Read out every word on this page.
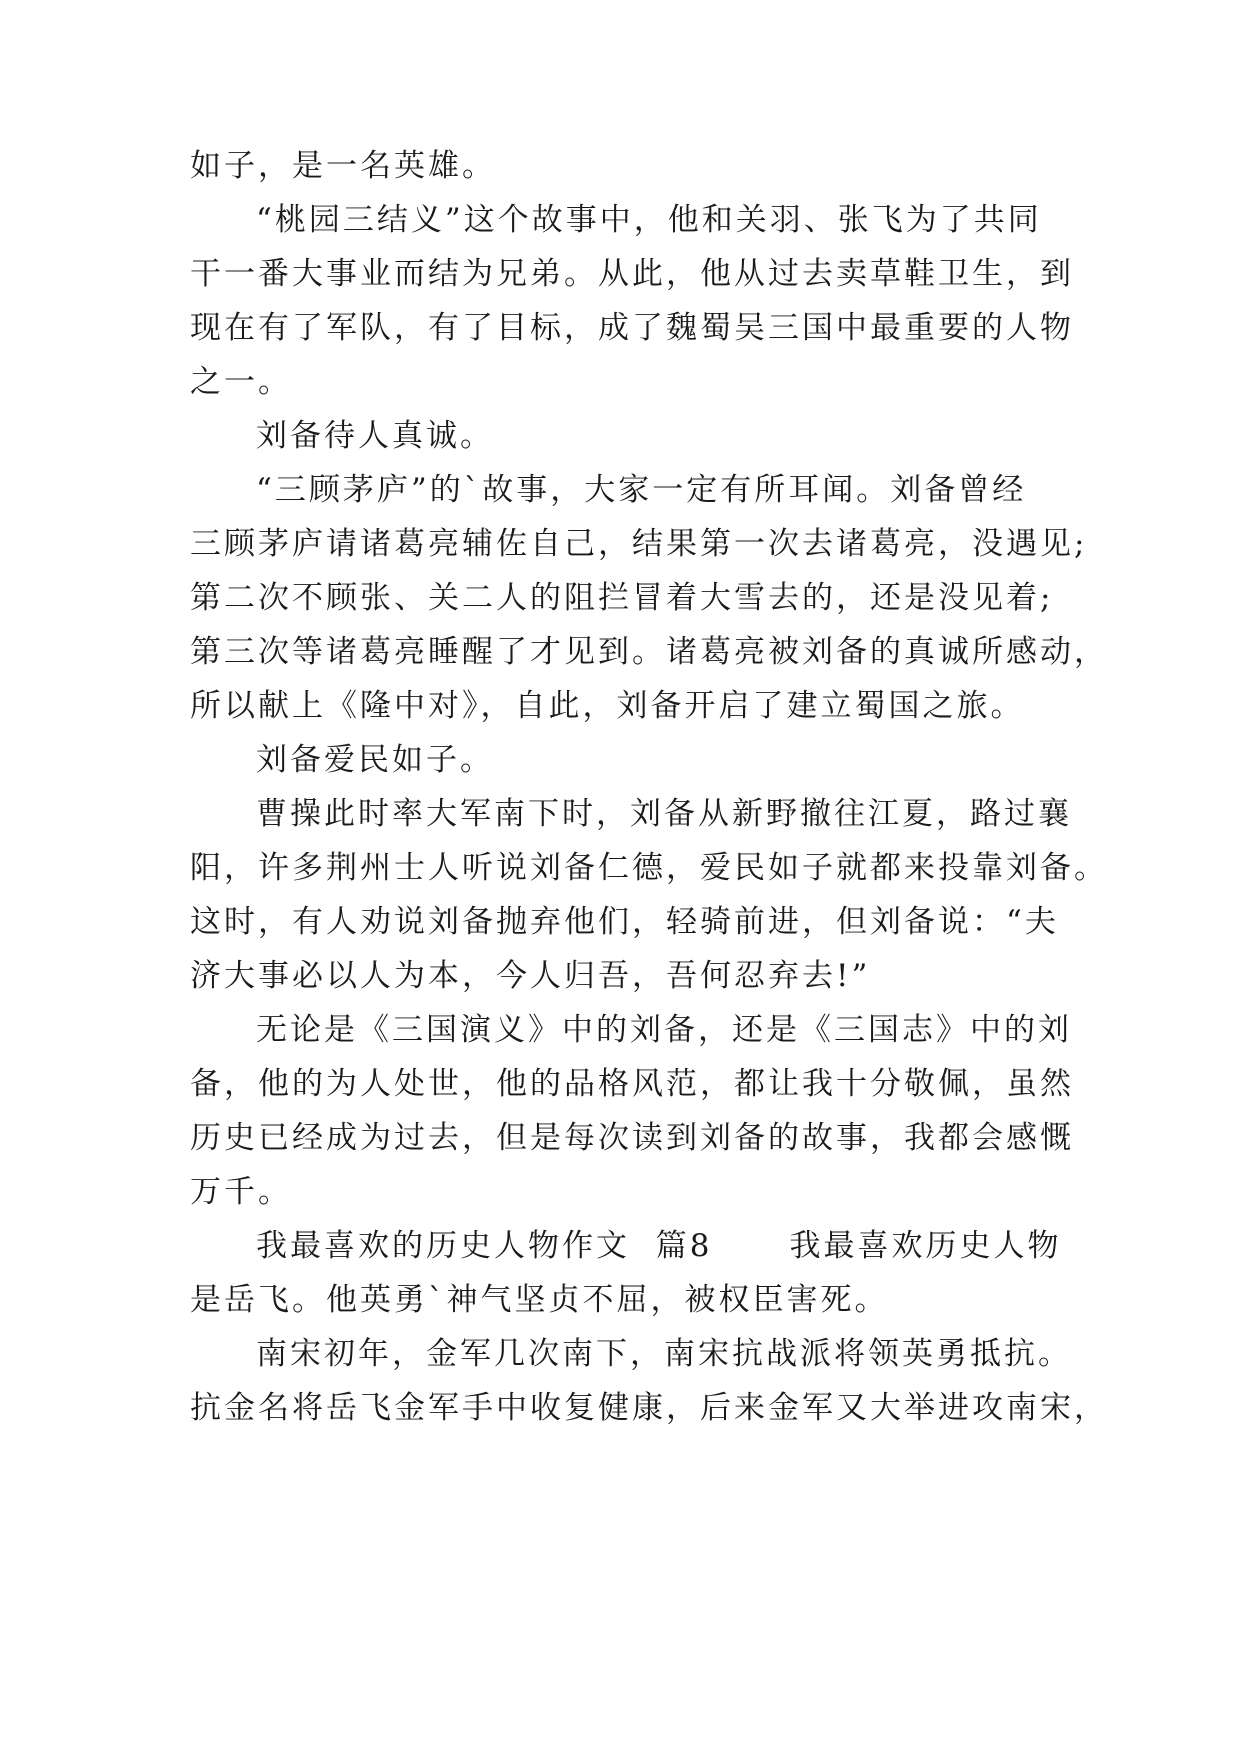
如子，是一名英雄。
“桃园三结义”这个故事中，他和关羽、张飞为了共同
干一番大事业而结为兄弟。从此，他从过去卖草鞋卫生，到
现在有了军队，有了目标，成了魏蜀吴三国中最重要的人物
之一。
刘备待人真诚。
“三顾茅庐”的`故事，大家一定有所耳闻。刘备曾经
三顾茅庐请诸葛亮辅佐自己，结果第一次去诸葛亮，没遇见;
第二次不顾张、关二人的阻拦冒着大雪去的，还是没见着;
第三次等诸葛亮睡醒了才见到。诸葛亮被刘备的真诚所感动，
所以献上《隆中对》，自此，刘备开启了建立蜀国之旅。
刘备爱民如子。
曹操此时率大军南下时，刘备从新野撤往江夏，路过襄
阳，许多荆州士人听说刘备仁德，爱民如子就都来投靠刘备。
这时，有人劝说刘备抛弃他们，轻骑前进，但刘备说：“夫
济大事必以人为本，今人归吾，吾何忍弃去!”
无论是《三国演义》中的刘备，还是《三国志》中的刘
备，他的为人处世，他的品格风范，都让我十分敬佩，虽然
历史已经成为过去，但是每次读到刘备的故事，我都会感慨
万千。
我最喜欢的历史人物作文  篇8      我最喜欢历史人物
是岳飞。他英勇`神气坚贞不屈，被权臣害死。
南宋初年，金军几次南下，南宋抗战派将领英勇抵抗。
抗金名将岳飞金军手中收复健康，后来金军又大举进攻南宋，
